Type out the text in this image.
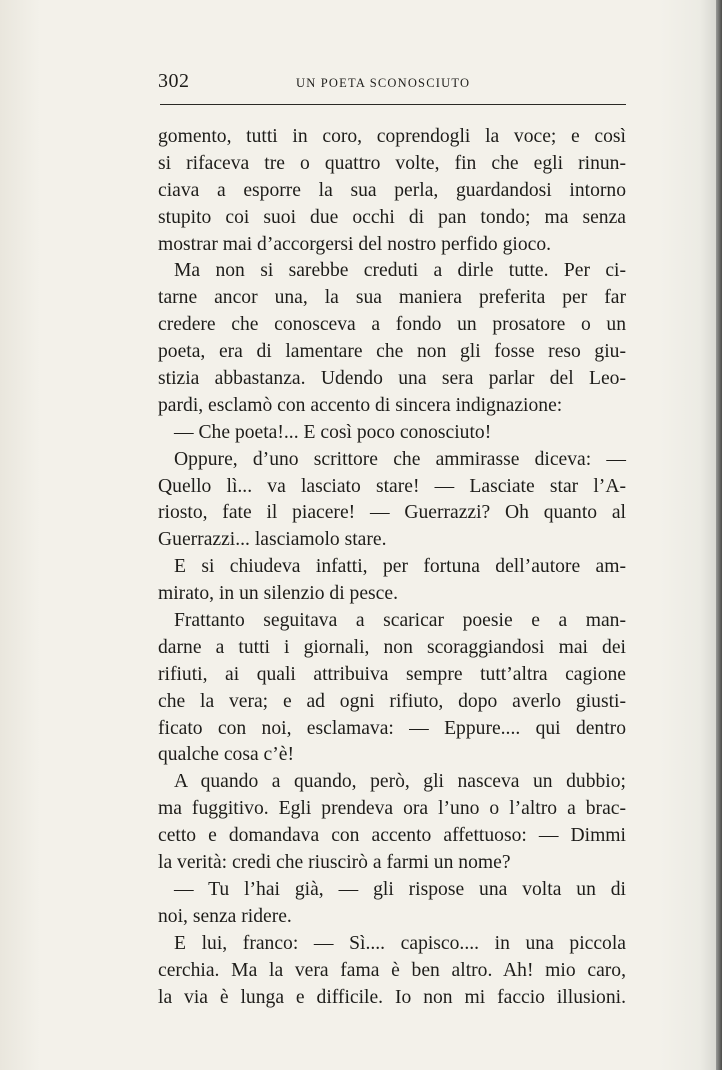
302	UN POETA SCONOSCIUTO
gomento, tutti in coro, coprendogli la voce; e così
si rifaceva tre o quattro volte, fin che egli rinun-
ciava a esporre la sua perla, guardandosi intorno
stupito coi suoi due occhi di pan tondo; ma senza
mostrar mai d’accorgersi del nostro perfido gioco.
Ma non si sarebbe creduti a dirle tutte. Per ci-
tarne ancor una, la sua maniera preferita per far
credere che conosceva a fondo un prosatore o un
poeta, era di lamentare che non gli fosse reso giu-
stizia abbastanza. Udendo una sera parlar del Leo-
pardi, esclamò con accento di sincera indignazione:
— Che poeta!... E così poco conosciuto!
Oppure, d’uno scrittore che ammirasse diceva: —
Quello lì... va lasciato stare! — Lasciate star l’A-
riosto, fate il piacere! — Guerrazzi? Oh quanto al
Guerrazzi... lasciamolo stare.
E si chiudeva infatti, per fortuna dell’autore am-
mirato, in un silenzio di pesce.
Frattanto seguitava a scaricar poesie e a man-
darne a tutti i giornali, non scoraggiandosi mai dei
rifiuti, ai quali attribuiva sempre tutt’altra cagione
che la vera; e ad ogni rifiuto, dopo averlo giusti-
ficato con noi, esclamava: — Eppure.... qui dentro
qualche cosa c’è!
A quando a quando, però, gli nasceva un dubbio;
ma fuggitivo. Egli prendeva ora l’uno o l’altro a brac-
cetto e domandava con accento affettuoso: — Dimmi
la verità: credi che riuscirò a farmi un nome?
— Tu l’hai già, — gli rispose una volta un di
noi, senza ridere.
E lui, franco: — Sì.... capisco.... in una piccola
cerchia. Ma la vera fama è ben altro. Ah! mio caro,
la via è lunga e difficile. Io non mi faccio illusioni.
